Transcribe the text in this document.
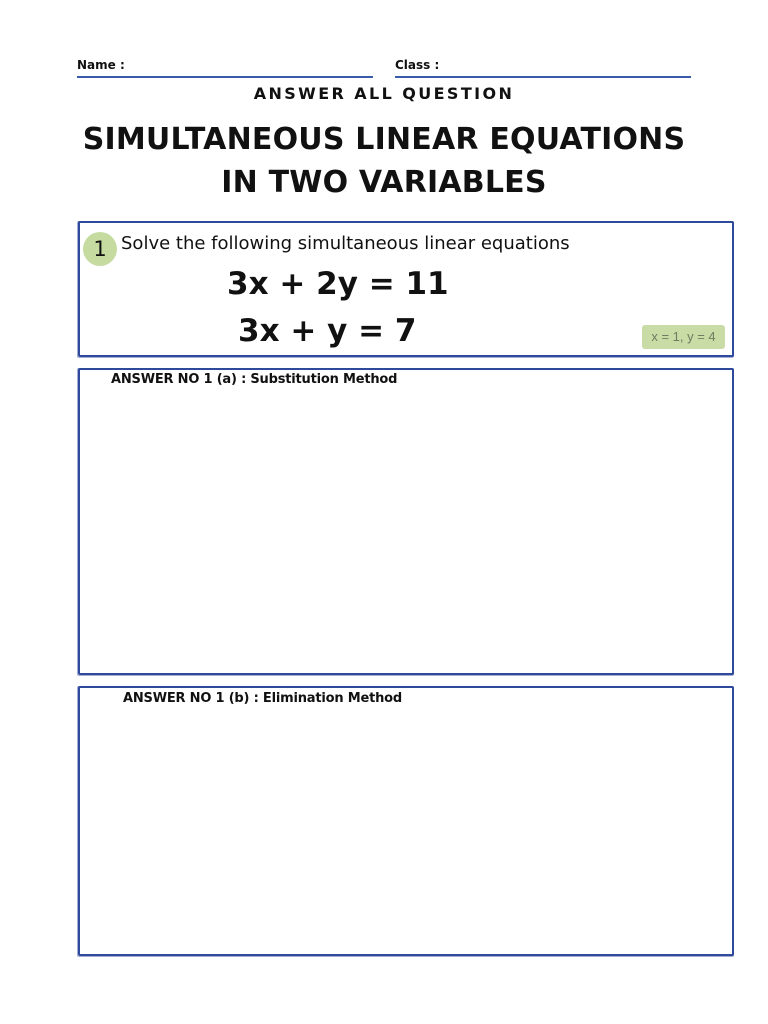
Name :	Class :
ANSWER ALL QUESTION
SIMULTANEOUS LINEAR EQUATIONS
IN TWO VARIABLES
1 Solve the following simultaneous linear equations
3x + 2y = 11
3x + y = 7	x = 1, y = 4
ANSWER NO 1 (a) : Substitution Method
ANSWER NO 1 (b) : Elimination Method
